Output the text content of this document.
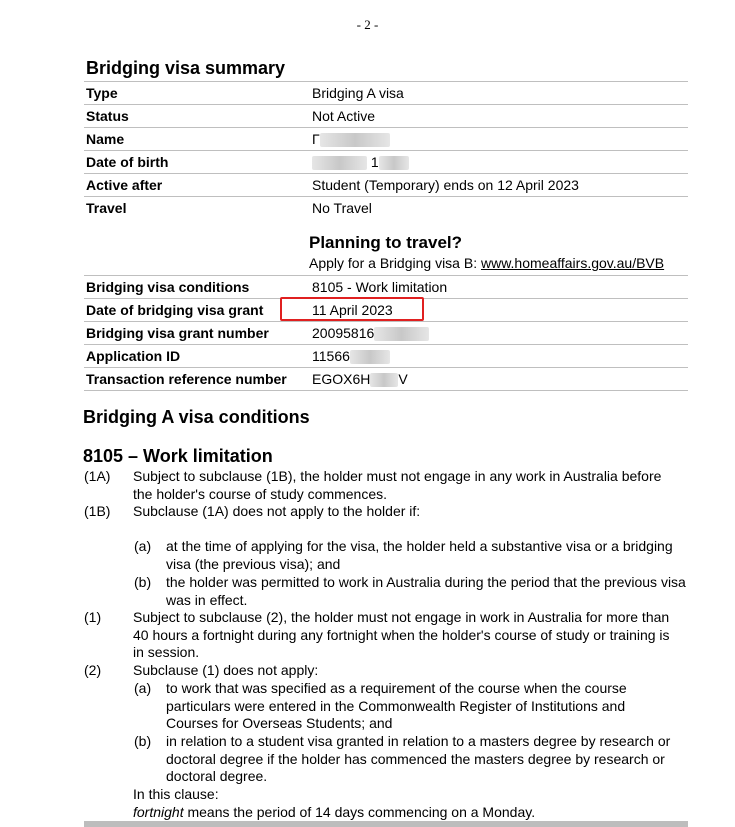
- 2 -
Bridging visa summary
Type	Bridging A visa
Status	Not Active
Name	Г
Date of birth	1
Active after	Student (Temporary) ends on 12 April 2023
Travel	No Travel
Planning to travel?
Apply for a Bridging visa B: www.homeaffairs.gov.au/BVB
Bridging visa conditions	8105 - Work limitation
Date of bridging visa grant	11 April 2023
Bridging visa grant number	20095816
Application ID	11566
Transaction reference number	EGOX6H V
Bridging A visa conditions
8105 – Work limitation
(1A) Subject to subclause (1B), the holder must not engage in any work in Australia before the holder's course of study commences.
(1B) Subclause (1A) does not apply to the holder if:
(a) at the time of applying for the visa, the holder held a substantive visa or a bridging visa (the previous visa); and
(b) the holder was permitted to work in Australia during the period that the previous visa was in effect.
(1) Subject to subclause (2), the holder must not engage in work in Australia for more than 40 hours a fortnight during any fortnight when the holder's course of study or training is in session.
(2) Subclause (1) does not apply:
(a) to work that was specified as a requirement of the course when the course particulars were entered in the Commonwealth Register of Institutions and Courses for Overseas Students; and
(b) in relation to a student visa granted in relation to a masters degree by research or doctoral degree if the holder has commenced the masters degree by research or doctoral degree.
In this clause:
fortnight means the period of 14 days commencing on a Monday.
